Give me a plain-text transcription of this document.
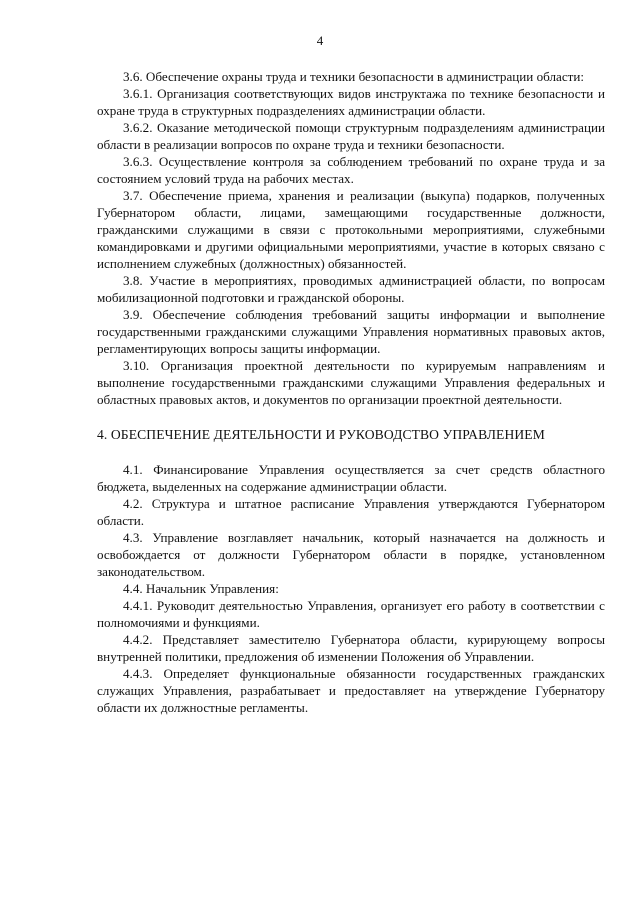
4

3.6. Обеспечение охраны труда и техники безопасности в администрации области:

3.6.1. Организация соответствующих видов инструктажа по технике безопасности и охране труда в структурных подразделениях администрации области.

3.6.2. Оказание методической помощи структурным подразделениям администрации области в реализации вопросов по охране труда и техники безопасности.

3.6.3. Осуществление контроля за соблюдением требований по охране труда и за состоянием условий труда на рабочих местах.

3.7. Обеспечение приема, хранения и реализации (выкупа) подарков, полученных Губернатором области, лицами, замещающими государственные должности, гражданскими служащими в связи с протокольными мероприятиями, служебными командировками и другими официальными мероприятиями, участие в которых связано с исполнением служебных (должностных) обязанностей.

3.8. Участие в мероприятиях, проводимых администрацией области, по вопросам мобилизационной подготовки и гражданской обороны.

3.9. Обеспечение соблюдения требований защиты информации и выполнение государственными гражданскими служащими Управления нормативных правовых актов, регламентирующих вопросы защиты информации.

3.10. Организация проектной деятельности по курируемым направлениям и выполнение государственными гражданскими служащими Управления федеральных и областных правовых актов, и документов по организации проектной деятельности.

4. ОБЕСПЕЧЕНИЕ ДЕЯТЕЛЬНОСТИ И РУКОВОДСТВО УПРАВЛЕНИЕМ

4.1. Финансирование Управления осуществляется за счет средств областного бюджета, выделенных на содержание администрации области.

4.2. Структура и штатное расписание Управления утверждаются Губернатором области.

4.3. Управление возглавляет начальник, который назначается на должность и освобождается от должности Губернатором области в порядке, установленном законодательством.

4.4. Начальник Управления:

4.4.1. Руководит деятельностью Управления, организует его работу в соответствии с полномочиями и функциями.

4.4.2. Представляет заместителю Губернатора области, курирующему вопросы внутренней политики, предложения об изменении Положения об Управлении.

4.4.3. Определяет функциональные обязанности государственных гражданских служащих Управления, разрабатывает и предоставляет на утверждение Губернатору области их должностные регламенты.
